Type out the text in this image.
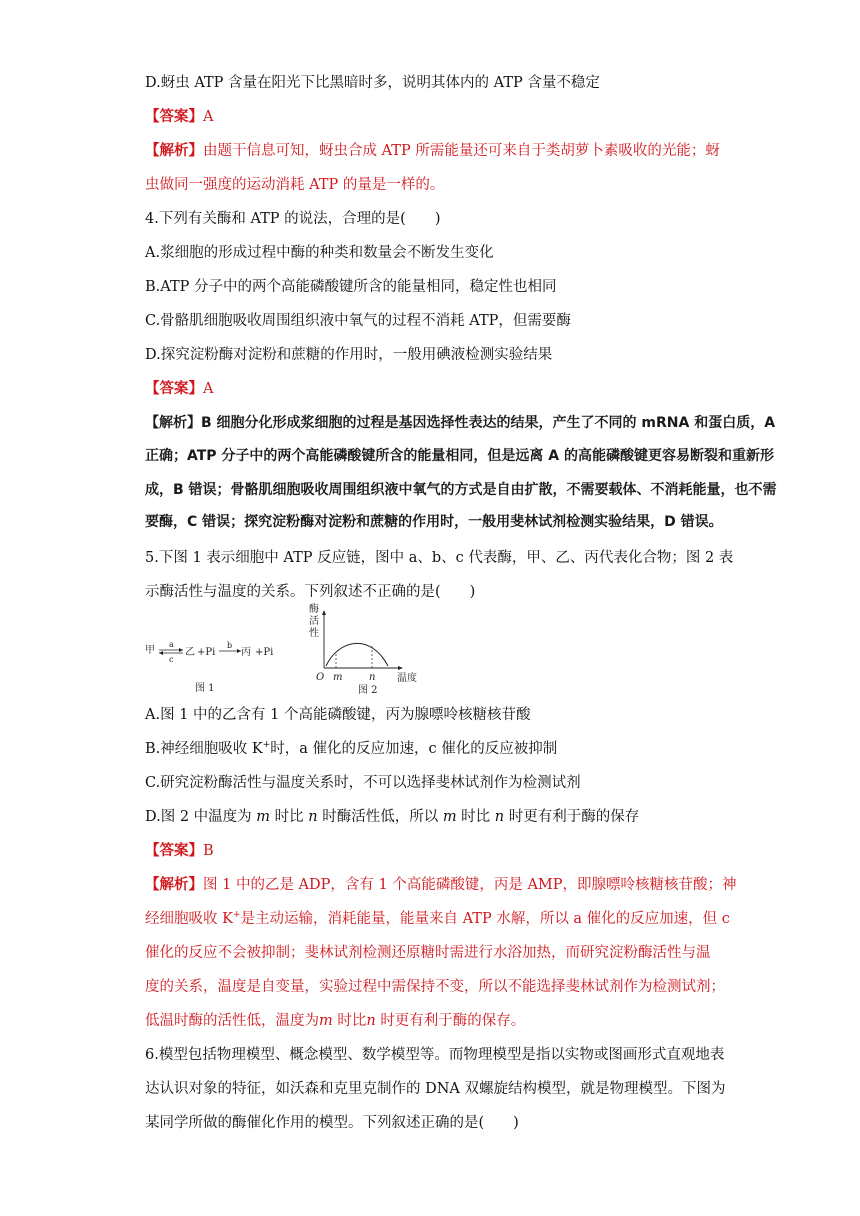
D.蚜虫 ATP 含量在阳光下比黑暗时多，说明其体内的 ATP 含量不稳定
【答案】A
【解析】由题干信息可知，蚜虫合成 ATP 所需能量还可来自于类胡萝卜素吸收的光能；蚜
虫做同一强度的运动消耗 ATP 的量是一样的。
4.下列有关酶和 ATP 的说法，合理的是(　　)
A.浆细胞的形成过程中酶的种类和数量会不断发生变化
B.ATP 分子中的两个高能磷酸键所含的能量相同，稳定性也相同
C.骨骼肌细胞吸收周围组织液中氧气的过程不消耗 ATP，但需要酶
D.探究淀粉酶对淀粉和蔗糖的作用时，一般用碘液检测实验结果
【答案】A
【解析】B 细胞分化形成浆细胞的过程是基因选择性表达的结果，产生了不同的 mRNA 和蛋白质，A
正确；ATP 分子中的两个高能磷酸键所含的能量相同，但是远离 A 的高能磷酸键更容易断裂和重新形
成，B 错误；骨骼肌细胞吸收周围组织液中氧气的方式是自由扩散，不需要载体、不消耗能量，也不需
要酶，C 错误；探究淀粉酶对淀粉和蔗糖的作用时，一般用斐林试剂检测实验结果，D 错误。
5.下图 1 表示细胞中 ATP 反应链，图中 a、b、c 代表酶，甲、乙、丙代表化合物；图 2 表
示酶活性与温度的关系。下列叙述不正确的是(　　)
甲
a
c
乙 +Pi
b
丙 +Pi
图 1
酶
活
性
O m	n 温度
图 2
A.图 1 中的乙含有 1 个高能磷酸键，丙为腺嘌呤核糖核苷酸
B.神经细胞吸收 K+时，a 催化的反应加速，c 催化的反应被抑制
C.研究淀粉酶活性与温度关系时，不可以选择斐林试剂作为检测试剂
D.图 2 中温度为 m 时比 n 时酶活性低，所以 m 时比 n 时更有利于酶的保存
【答案】B
【解析】图 1 中的乙是 ADP，含有 1 个高能磷酸键，丙是 AMP，即腺嘌呤核糖核苷酸；神
经细胞吸收 K+是主动运输，消耗能量，能量来自 ATP 水解，所以 a 催化的反应加速，但 c
催化的反应不会被抑制；斐林试剂检测还原糖时需进行水浴加热，而研究淀粉酶活性与温
度的关系，温度是自变量，实验过程中需保持不变，所以不能选择斐林试剂作为检测试剂；
低温时酶的活性低，温度为m 时比n 时更有利于酶的保存。
6.模型包括物理模型、概念模型、数学模型等。而物理模型是指以实物或图画形式直观地表
达认识对象的特征，如沃森和克里克制作的 DNA 双螺旋结构模型，就是物理模型。下图为
某同学所做的酶催化作用的模型。下列叙述正确的是(　　)
